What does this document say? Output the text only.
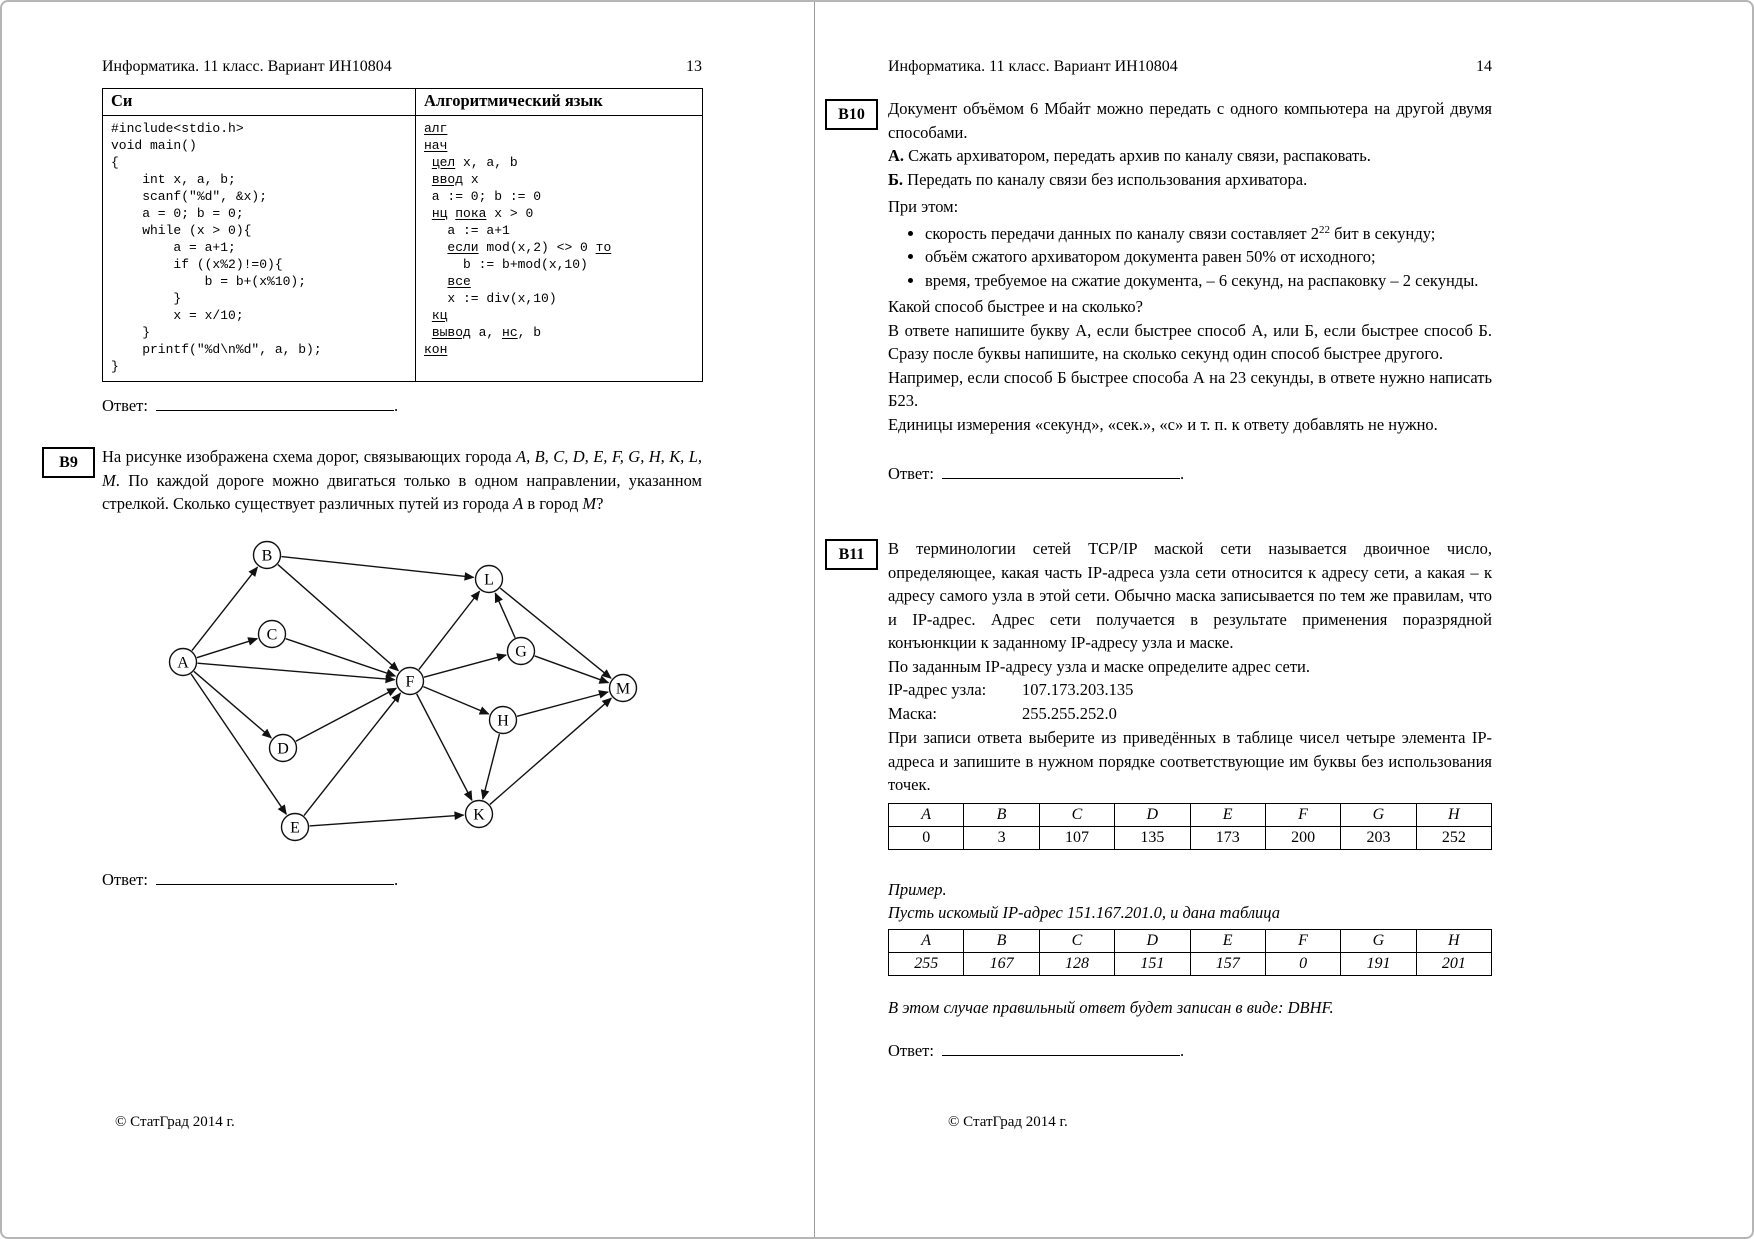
Информатика. 11 класс. Вариант ИН10804	13
Си	Алгоритмический язык

#include<stdio.h>
void main()
{
int x, a, b;
scanf("%d", &x);
a = 0; b = 0;
while (x > 0){
a = a+1;
if ((x%2)!=0){
b = b+(x%10);
}
x = x/10;
}
printf("%d\n%d", a, b);
}

алг
нач
цел x, a, b
ввод x
a := 0; b := 0
нц пока x > 0
a := a+1
если mod(x,2) <> 0 то
b := b+mod(x,10)
все
x := div(x,10)
кц
вывод a, нс, b
кон
Ответ:	.
В9 На рисунке изображена схема дорог, связывающих города А, В, С, D, Е, F, G, Н, К, L, М. По каждой дороге можно двигаться только в одном направлении, указанном стрелкой. Сколько существует различных путей из города А в город М?
A
B
C
D
E
F
G
H
K
L
M
Ответ:	.
© СтатГрад 2014 г.
Информатика. 11 класс. Вариант ИН10804	14
В10 Документ объёмом 6 Мбайт можно передать с одного компьютера на другой двумя способами.
А. Сжать архиватором, передать архив по каналу связи, распаковать.
Б. Передать по каналу связи без использования архиватора.
При этом:
• скорость передачи данных по каналу связи составляет $2^{22}$ бит в секунду;
• объём сжатого архиватором документа равен 50% от исходного;
• время, требуемое на сжатие документа, – 6 секунд, на распаковку – 2 секунды.
Какой способ быстрее и на сколько?
В ответе напишите букву А, если быстрее способ А, или Б, если быстрее способ Б. Сразу после буквы напишите, на сколько секунд один способ быстрее другого.
Например, если способ Б быстрее способа А на 23 секунды, в ответе нужно написать Б23.
Единицы измерения «секунд», «сек.», «с» и т. п. к ответу добавлять не нужно.
Ответ:	.
В11 В терминологии сетей TCP/IP маской сети называется двоичное число, определяющее, какая часть IP-адреса узла сети относится к адресу сети, а какая – к адресу самого узла в этой сети. Обычно маска записывается по тем же правилам, что и IP-адрес. Адрес сети получается в результате применения поразрядной конъюнкции к заданному IP-адресу узла и маске.
По заданным IP-адресу узла и маске определите адрес сети.
IP-адрес узла:	107.173.203.135
Маска:	255.255.252.0
При записи ответа выберите из приведённых в таблице чисел четыре элемента IP-адреса и запишите в нужном порядке соответствующие им буквы без использования точек.
A	B	C	D	E	F	G	H
0	3	107	135	173	200	203	252
Пример.
Пусть искомый IP-адрес 151.167.201.0, и дана таблица
A	B	C	D	E	F	G	H
255	167	128	151	157	0	191	201
В этом случае правильный ответ будет записан в виде: DBHF.
Ответ:	.
© СтатГрад 2014 г.
